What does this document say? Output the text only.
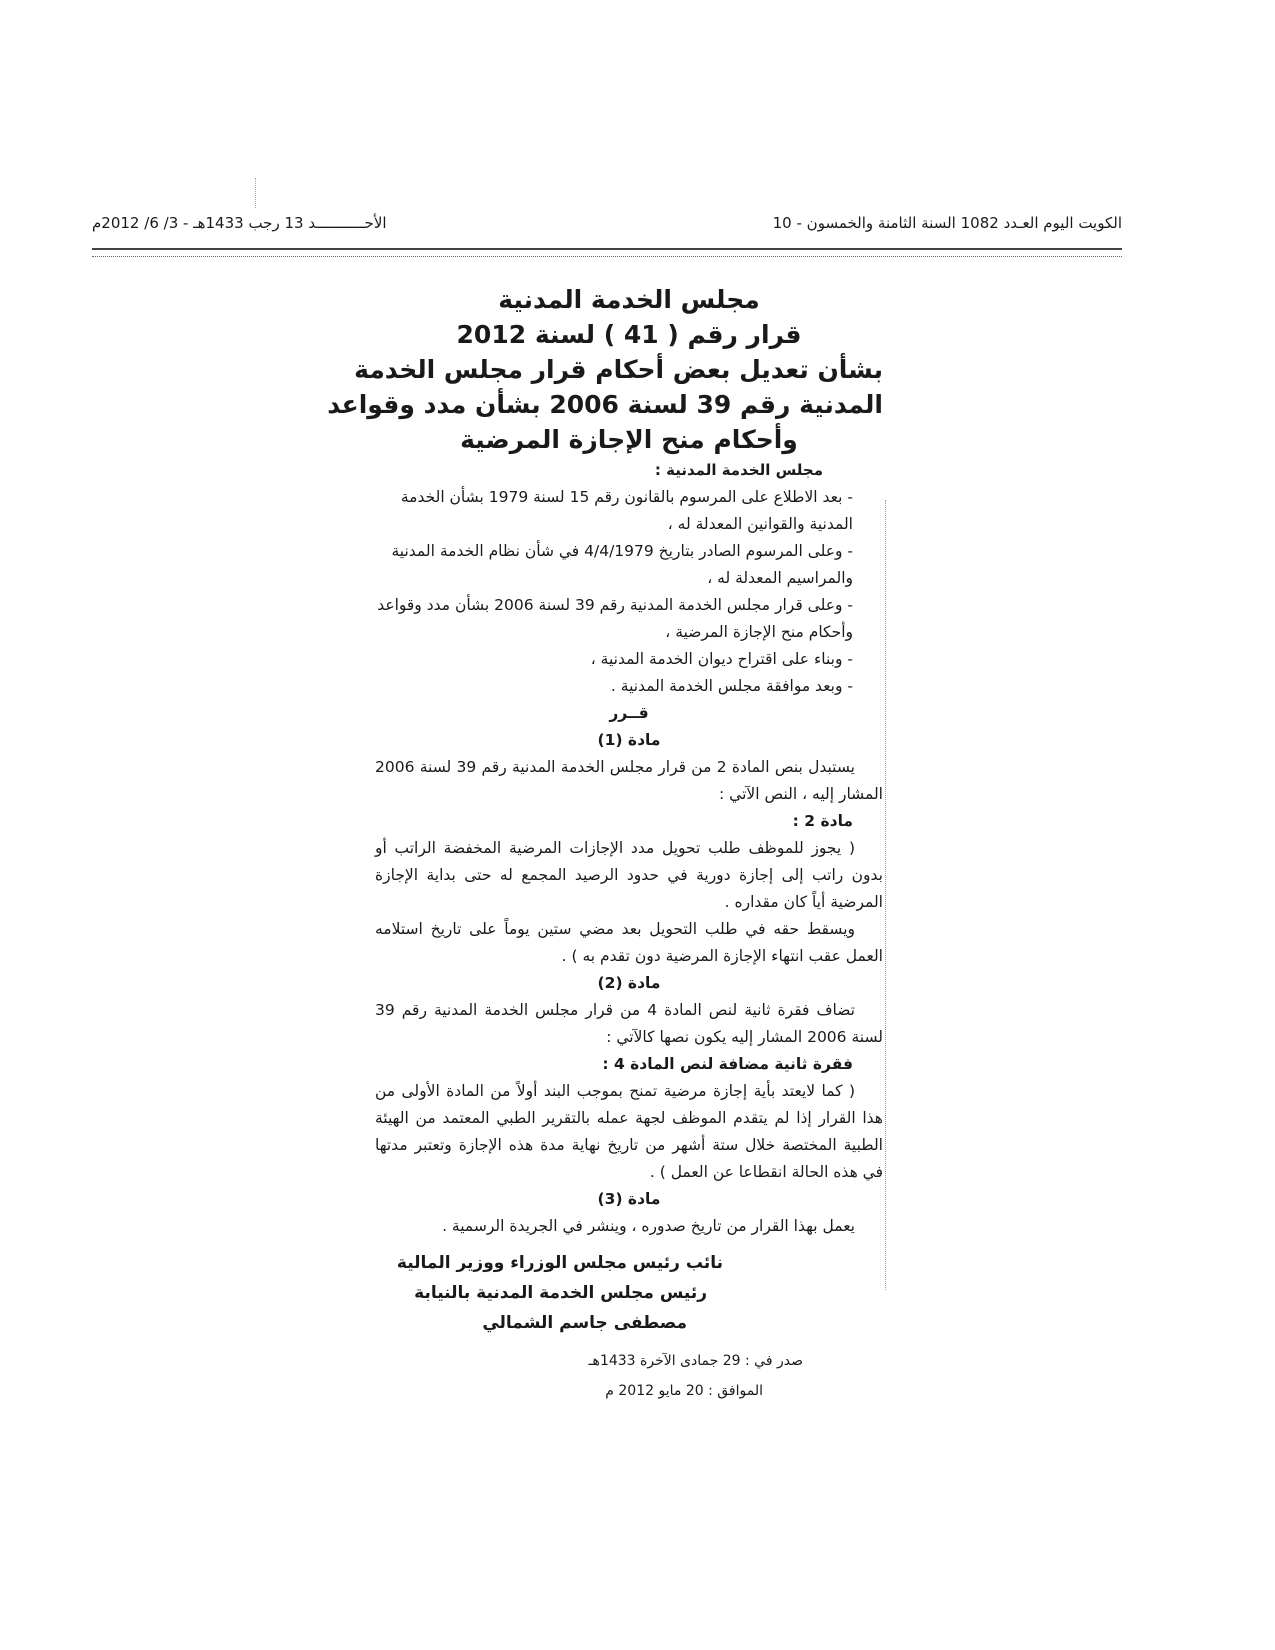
الكويت اليوم العـدد 1082 السنة الثامنة والخمسون - 10
الأحـــــــــــد 13 رجب 1433هـ - 3/ 6/ 2012م
مجلس الخدمة المدنية
قرار رقم ( 41 ) لسنة 2012
بشأن تعديل بعض أحكام قرار مجلس الخدمة
المدنية رقم 39 لسنة 2006 بشأن مدد وقواعد
وأحكام منح الإجازة المرضية
مجلس الخدمة المدنية :
- بعد الاطلاع على المرسوم بالقانون رقم 15 لسنة 1979 بشأن الخدمة المدنية والقوانين المعدلة له ،
- وعلى المرسوم الصادر بتاريخ 4/4/1979 في شأن نظام الخدمة المدنية والمراسيم المعدلة له ،
- وعلى قرار مجلس الخدمة المدنية رقم 39 لسنة 2006 بشأن مدد وقواعد وأحكام منح الإجازة المرضية ،
- وبناء على اقتراح ديوان الخدمة المدنية ،
- وبعد موافقة مجلس الخدمة المدنية .
قــرر
مادة (1)
يستبدل بنص المادة 2 من قرار مجلس الخدمة المدنية رقم 39 لسنة 2006 المشار إليه ، النص الآتي :
مادة 2 :
( يجوز للموظف طلب تحويل مدد الإجازات المرضية المخفضة الراتب أو بدون راتب إلى إجازة دورية في حدود الرصيد المجمع له حتى بداية الإجازة المرضية أياً كان مقداره .
ويسقط حقه في طلب التحويل بعد مضي ستين يوماً على تاريخ استلامه العمل عقب انتهاء الإجازة المرضية دون تقدم به ) .
مادة (2)
تضاف فقرة ثانية لنص المادة 4 من قرار مجلس الخدمة المدنية رقم 39 لسنة 2006 المشار إليه يكون نصها كالآتي :
فقرة ثانية مضافة لنص المادة 4 :
( كما لايعتد بأية إجازة مرضية تمنح بموجب البند أولاً من المادة الأولى من هذا القرار إذا لم يتقدم الموظف لجهة عمله بالتقرير الطبي المعتمد من الهيئة الطبية المختصة خلال ستة أشهر من تاريخ نهاية مدة هذه الإجازة وتعتبر مدتها في هذه الحالة انقطاعا عن العمل ) .
مادة (3)
يعمل بهذا القرار من تاريخ صدوره ، وينشر في الجريدة الرسمية .
نائب رئيس مجلس الوزراء ووزير المالية
رئيس مجلس الخدمة المدنية بالنيابة
مصطفى جاسم الشمالي
صدر في : 29 جمادى الآخرة 1433هـ
الموافق : 20 مايو 2012 م
